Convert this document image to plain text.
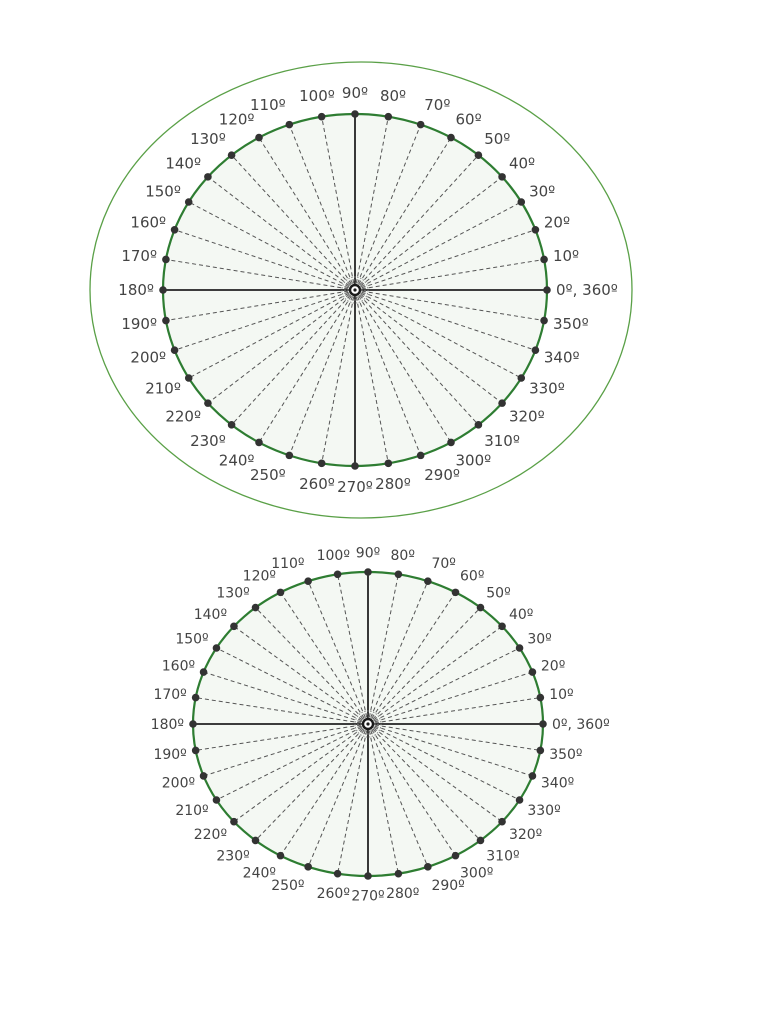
0º, 360º
10º
20º
30º
40º
50º
60º
70º
80º
90º
100º
110º
120º
130º
140º
150º
160º
170º
180º
190º
200º
210º
220º
230º
240º
250º 260º 270º 280º 290º
300º
310º
320º
330º
340º
350º
0º, 360º
10º
20º
30º
40º
50º
60º
70º
80º
90º
100º
110º
120º
130º
140º
150º
160º
170º
180º
190º
200º
210º
220º
230º
240º
250º 260º 270º 280º 290º
300º
310º
320º
330º
340º
350º
